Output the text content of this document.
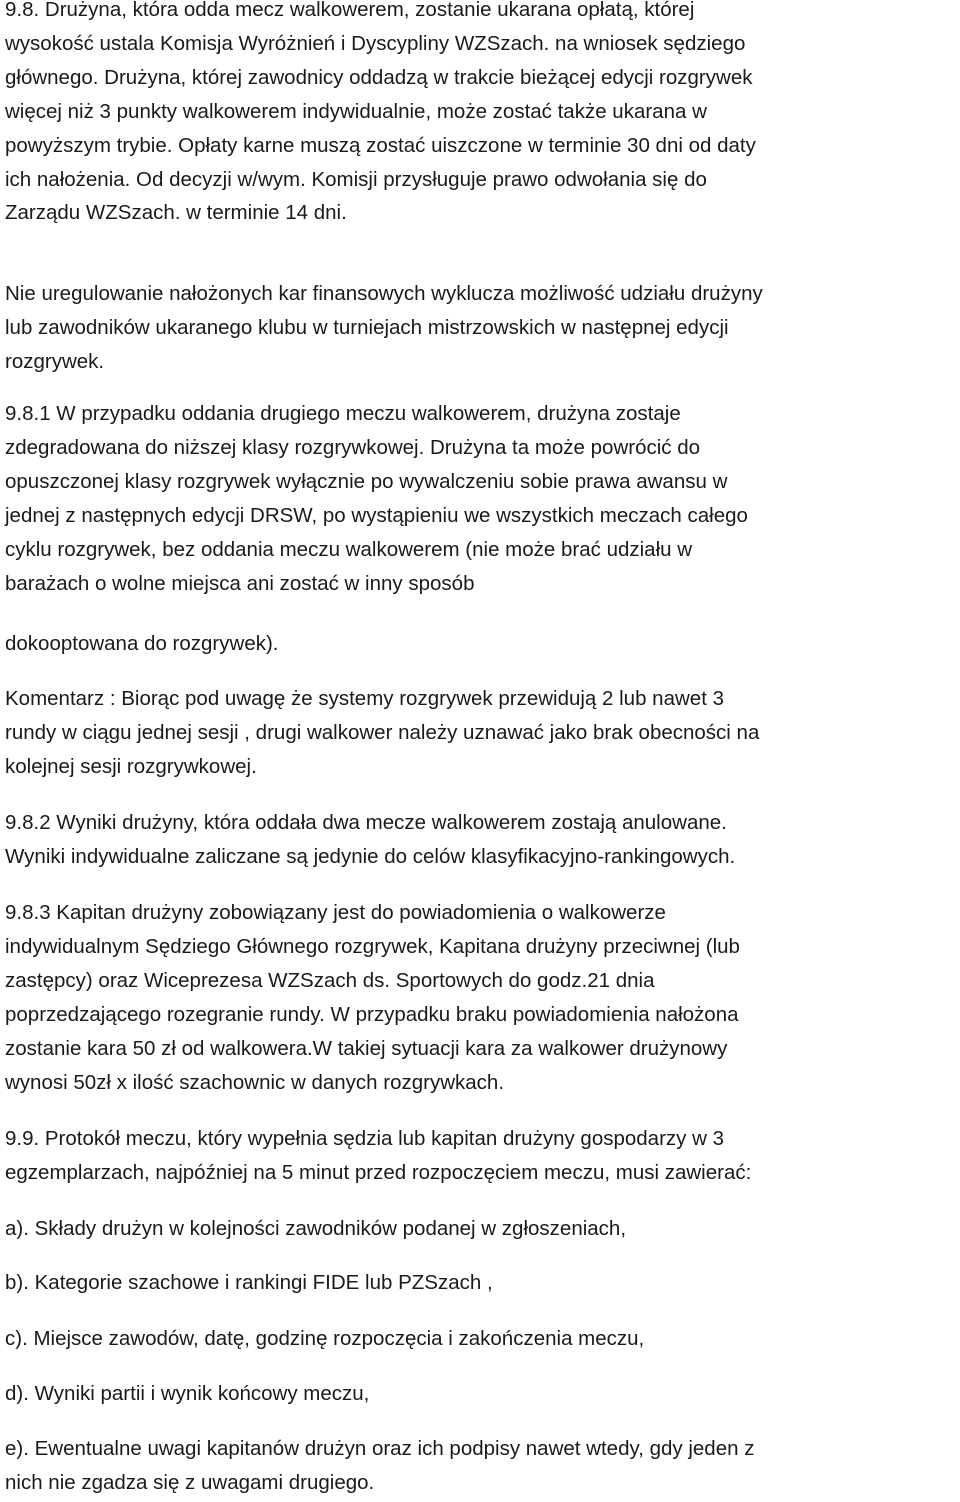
9.8. Drużyna, która odda mecz walkowerem, zostanie ukarana opłatą, której
wysokość ustala Komisja Wyróżnień i Dyscypliny WZSzach. na wniosek sędziego
głównego. Drużyna, której zawodnicy oddadzą w trakcie bieżącej edycji rozgrywek
więcej niż 3 punkty walkowerem indywidualnie, może zostać także ukarana w
powyższym trybie. Opłaty karne muszą zostać uiszczone w terminie 30 dni od daty
ich nałożenia. Od decyzji w/wym. Komisji przysługuje prawo odwołania się do
Zarządu WZSzach. w terminie 14 dni.

Nie uregulowanie nałożonych kar finansowych wyklucza możliwość udziału drużyny
lub zawodników ukaranego klubu w turniejach mistrzowskich w następnej edycji
rozgrywek.

9.8.1 W przypadku oddania drugiego meczu walkowerem, drużyna zostaje
zdegradowana do niższej klasy rozgrywkowej. Drużyna ta może powrócić do
opuszczonej klasy rozgrywek wyłącznie po wywalczeniu sobie prawa awansu w
jednej z następnych edycji DRSW, po wystąpieniu we wszystkich meczach całego
cyklu rozgrywek, bez oddania meczu walkowerem (nie może brać udziału w
barażach o wolne miejsca ani zostać w inny sposób

dokooptowana do rozgrywek).

Komentarz : Biorąc pod uwagę że systemy rozgrywek przewidują 2 lub nawet 3
rundy w ciągu jednej sesji , drugi walkower należy uznawać jako brak obecności na
kolejnej sesji rozgrywkowej.

9.8.2 Wyniki drużyny, która oddała dwa mecze walkowerem zostają anulowane.
Wyniki indywidualne zaliczane są jedynie do celów klasyfikacyjno-rankingowych.

9.8.3 Kapitan drużyny zobowiązany jest do powiadomienia o walkowerze
indywidualnym Sędziego Głównego rozgrywek, Kapitana drużyny przeciwnej (lub
zastępcy) oraz Wiceprezesa WZSzach ds. Sportowych do godz.21 dnia
poprzedzającego rozegranie rundy. W przypadku braku powiadomienia nałożona
zostanie kara 50 zł od walkowera.W takiej sytuacji kara za walkower drużynowy
wynosi 50zł x ilość szachownic w danych rozgrywkach.

9.9. Protokół meczu, który wypełnia sędzia lub kapitan drużyny gospodarzy w 3
egzemplarzach, najpóźniej na 5 minut przed rozpoczęciem meczu, musi zawierać:

a). Składy drużyn w kolejności zawodników podanej w zgłoszeniach,

b). Kategorie szachowe i rankingi FIDE lub PZSzach ,

c). Miejsce zawodów, datę, godzinę rozpoczęcia i zakończenia meczu,

d). Wyniki partii i wynik końcowy meczu,

e). Ewentualne uwagi kapitanów drużyn oraz ich podpisy nawet wtedy, gdy jeden z
nich nie zgadza się z uwagami drugiego.
